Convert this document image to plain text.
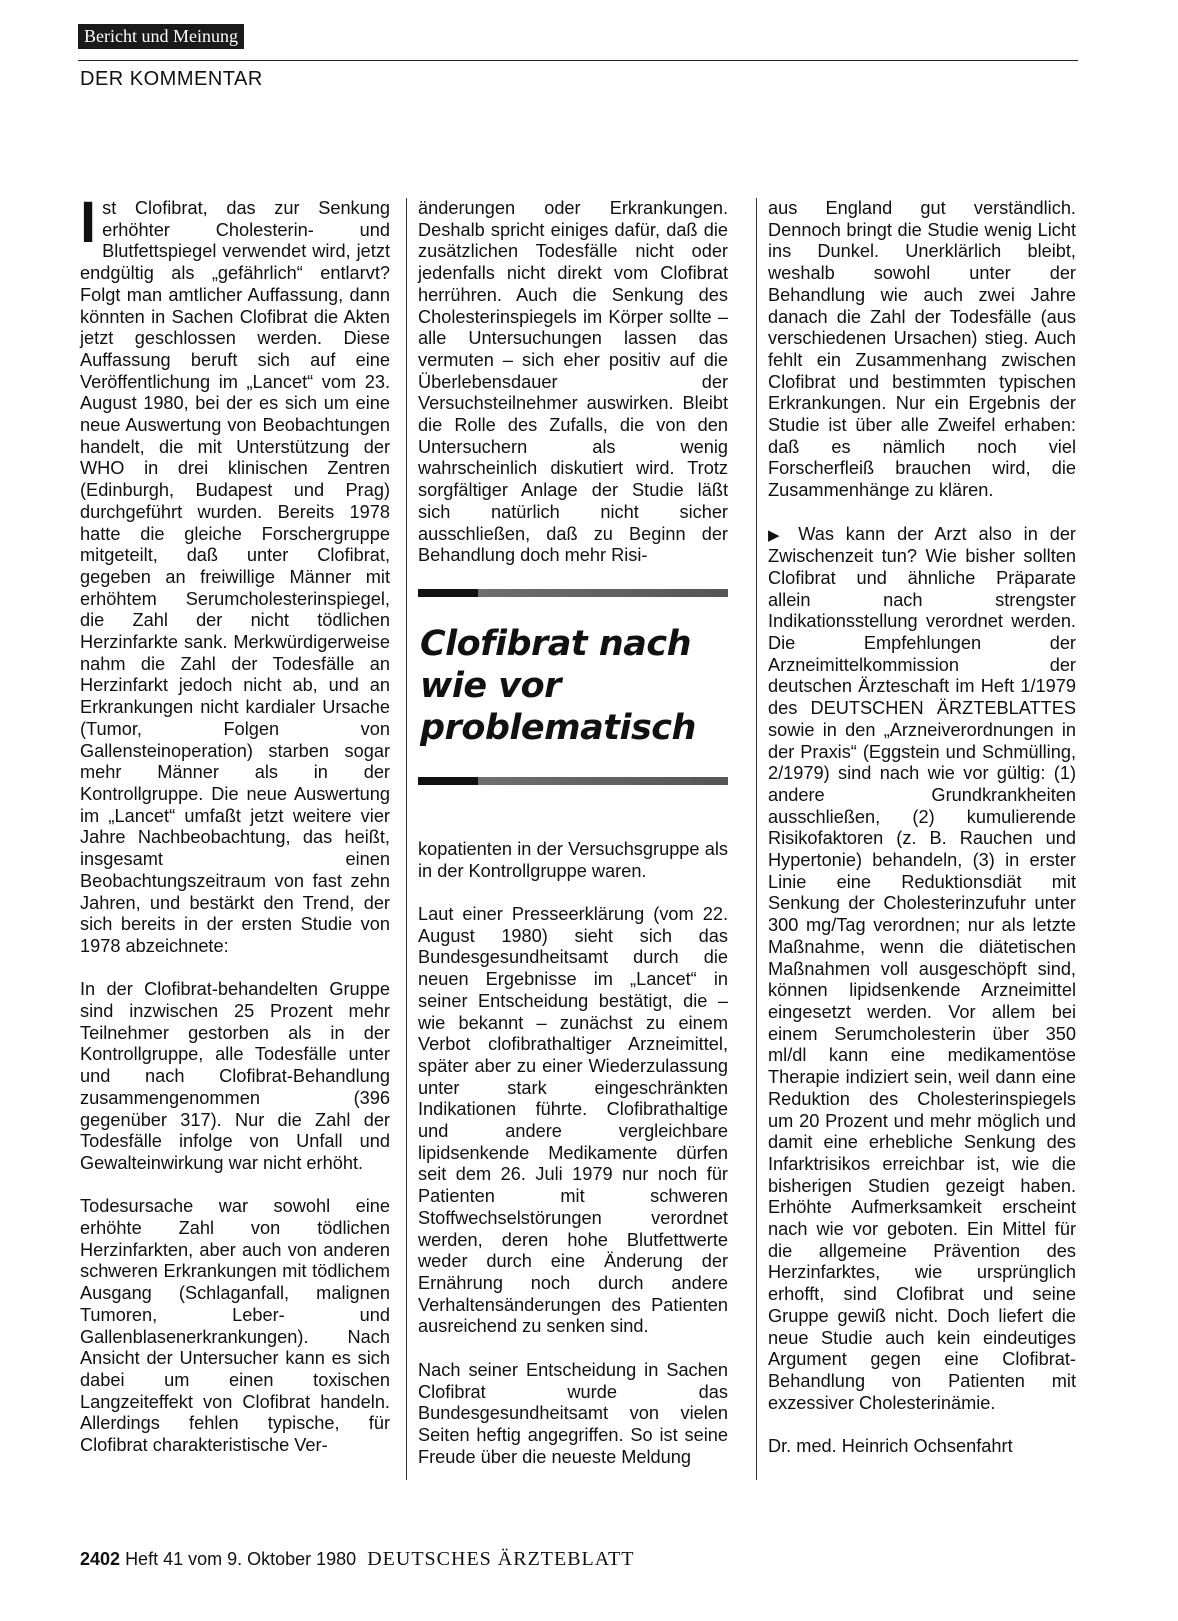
Bericht und Meinung
DER KOMMENTAR

Ist Clofibrat, das zur Senkung erhöhter Cholesterin- und Blutfettspiegel verwendet wird, jetzt endgültig als „gefährlich“ entlarvt? Folgt man amtlicher Auffassung, dann könnten in Sachen Clofibrat die Akten jetzt geschlossen werden. Diese Auffassung beruft sich auf eine Veröffentlichung im „Lancet“ vom 23. August 1980, bei der es sich um eine neue Auswertung von Beobachtungen handelt, die mit Unterstützung der WHO in drei klinischen Zentren (Edinburgh, Budapest und Prag) durchgeführt wurden. Bereits 1978 hatte die gleiche Forschergruppe mitgeteilt, daß unter Clofibrat, gegeben an freiwillige Männer mit erhöhtem Serumcholesterinspiegel, die Zahl der nicht tödlichen Herzinfarkte sank. Merkwürdigerweise nahm die Zahl der Todesfälle an Herzinfarkt jedoch nicht ab, und an Erkrankungen nicht kardialer Ursache (Tumor, Folgen von Gallensteinoperation) starben sogar mehr Männer als in der Kontrollgruppe. Die neue Auswertung im „Lancet“ umfaßt jetzt weitere vier Jahre Nachbeobachtung, das heißt, insgesamt einen Beobachtungszeitraum von fast zehn Jahren, und bestärkt den Trend, der sich bereits in der ersten Studie von 1978 abzeichnete:

In der Clofibrat-behandelten Gruppe sind inzwischen 25 Prozent mehr Teilnehmer gestorben als in der Kontrollgruppe, alle Todesfälle unter und nach Clofibrat-Behandlung zusammengenommen (396 gegenüber 317). Nur die Zahl der Todesfälle infolge von Unfall und Gewalteinwirkung war nicht erhöht.

Todesursache war sowohl eine erhöhte Zahl von tödlichen Herzinfarkten, aber auch von anderen schweren Erkrankungen mit tödlichem Ausgang (Schlaganfall, malignen Tumoren, Leber- und Gallenblasenerkrankungen). Nach Ansicht der Untersucher kann es sich dabei um einen toxischen Langzeiteffekt von Clofibrat handeln. Allerdings fehlen typische, für Clofibrat charakteristische Ver-

änderungen oder Erkrankungen. Deshalb spricht einiges dafür, daß die zusätzlichen Todesfälle nicht oder jedenfalls nicht direkt vom Clofibrat herrühren. Auch die Senkung des Cholesterinspiegels im Körper sollte – alle Untersuchungen lassen das vermuten – sich eher positiv auf die Überlebensdauer der Versuchsteilnehmer auswirken. Bleibt die Rolle des Zufalls, die von den Untersuchern als wenig wahrscheinlich diskutiert wird. Trotz sorgfältiger Anlage der Studie läßt sich natürlich nicht sicher ausschließen, daß zu Beginn der Behandlung doch mehr Risi-

Clofibrat nach wie vor problematisch

kopatienten in der Versuchsgruppe als in der Kontrollgruppe waren.

Laut einer Presseerklärung (vom 22. August 1980) sieht sich das Bundesgesundheitsamt durch die neuen Ergebnisse im „Lancet“ in seiner Entscheidung bestätigt, die – wie bekannt – zunächst zu einem Verbot clofibrathaltiger Arzneimittel, später aber zu einer Wiederzulassung unter stark eingeschränkten Indikationen führte. Clofibrathaltige und andere vergleichbare lipidsenkende Medikamente dürfen seit dem 26. Juli 1979 nur noch für Patienten mit schweren Stoffwechselstörungen verordnet werden, deren hohe Blutfettwerte weder durch eine Änderung der Ernährung noch durch andere Verhaltensänderungen des Patienten ausreichend zu senken sind.

Nach seiner Entscheidung in Sachen Clofibrat wurde das Bundesgesundheitsamt von vielen Seiten heftig angegriffen. So ist seine Freude über die neueste Meldung

aus England gut verständlich. Dennoch bringt die Studie wenig Licht ins Dunkel. Unerklärlich bleibt, weshalb sowohl unter der Behandlung wie auch zwei Jahre danach die Zahl der Todesfälle (aus verschiedenen Ursachen) stieg. Auch fehlt ein Zusammenhang zwischen Clofibrat und bestimmten typischen Erkrankungen. Nur ein Ergebnis der Studie ist über alle Zweifel erhaben: daß es nämlich noch viel Forscherfleiß brauchen wird, die Zusammenhänge zu klären.

▶ Was kann der Arzt also in der Zwischenzeit tun? Wie bisher sollten Clofibrat und ähnliche Präparate allein nach strengster Indikationsstellung verordnet werden. Die Empfehlungen der Arzneimittelkommission der deutschen Ärzteschaft im Heft 1/1979 des DEUTSCHEN ÄRZTEBLATTES sowie in den „Arzneiverordnungen in der Praxis“ (Eggstein und Schmülling, 2/1979) sind nach wie vor gültig: (1) andere Grundkrankheiten ausschließen, (2) kumulierende Risikofaktoren (z. B. Rauchen und Hypertonie) behandeln, (3) in erster Linie eine Reduktionsdiät mit Senkung der Cholesterinzufuhr unter 300 mg/Tag verordnen; nur als letzte Maßnahme, wenn die diätetischen Maßnahmen voll ausgeschöpft sind, können lipidsenkende Arzneimittel eingesetzt werden. Vor allem bei einem Serumcholesterin über 350 ml/dl kann eine medikamentöse Therapie indiziert sein, weil dann eine Reduktion des Cholesterinspiegels um 20 Prozent und mehr möglich und damit eine erhebliche Senkung des Infarktrisikos erreichbar ist, wie die bisherigen Studien gezeigt haben. Erhöhte Aufmerksamkeit erscheint nach wie vor geboten. Ein Mittel für die allgemeine Prävention des Herzinfarktes, wie ursprünglich erhofft, sind Clofibrat und seine Gruppe gewiß nicht. Doch liefert die neue Studie auch kein eindeutiges Argument gegen eine Clofibrat-Behandlung von Patienten mit exzessiver Cholesterinämie.

Dr. med. Heinrich Ochsenfahrt

2402 Heft 41 vom 9. Oktober 1980 DEUTSCHES ÄRZTEBLATT
